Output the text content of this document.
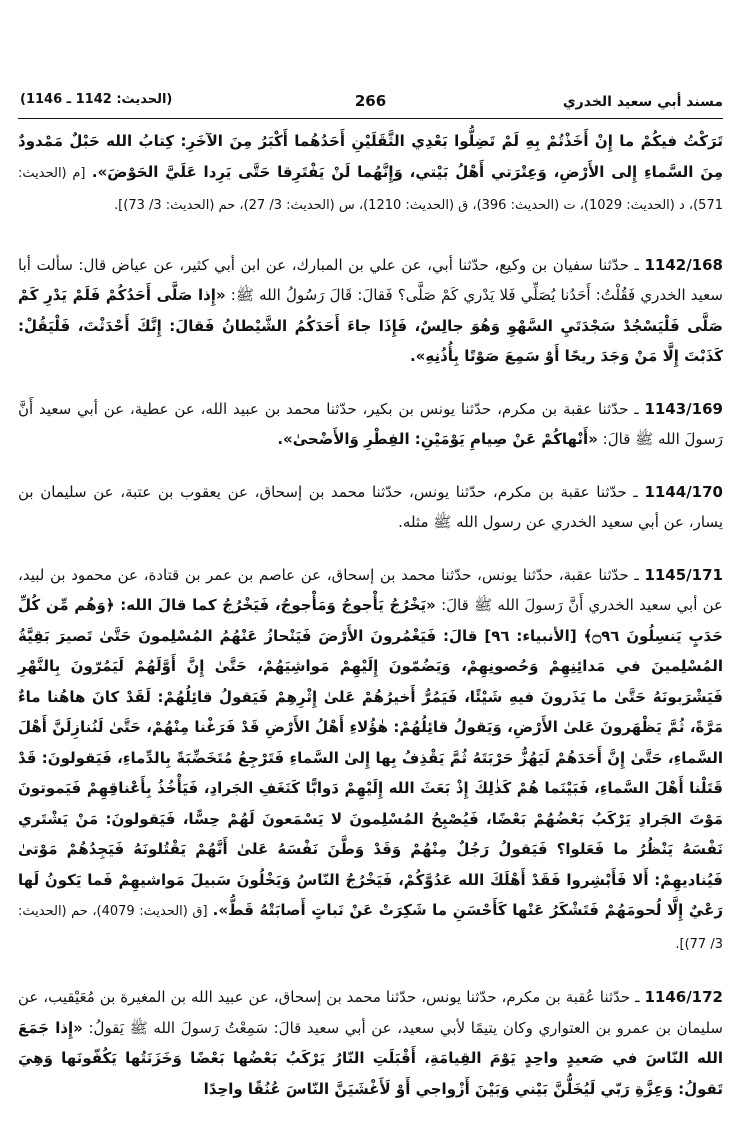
مسند أبي سعيد الخدري
266
(الحديث: 1142 ـ 1146)

تَرَكْتُ فيكُمْ ما إِنْ أَخَذْتُمْ بِهِ لَمْ تَضِلُّوا بَعْدِي الثَّقَلَيْنِ أَحَدُهُما أَكْبَرُ مِنَ الآخَرِ: كِتابُ الله حَبْلٌ مَمْدودٌ مِنَ السَّماءِ إِلى الأَرْضِ، وَعِتْرَتي أَهْلُ بَيْتي، وَإِنَّهُما لَنْ يَفْتَرِقا حَتَّى يَرِدا عَلَيَّ الحَوْضَ». [م (الحديث: 571)، د (الحديث: 1029)، ت (الحديث: 396)، ق (الحديث: 1210)، س (الحديث: 3/ 27)، حم (الحديث: 3/ 73)].

1142/168 ـ حدّثنا سفيان بن وكيع، حدّثنا أبي، عن علي بن المبارك، عن ابن أبي كثير، عن عياض قال: سألت أبا سعيد الخدري فَقُلْتُ: أَحَدُنا يُصَلِّي فَلا يَدْري كَمْ صَلَّى؟ فَقالَ: قَالَ رَسُولُ الله ﷺ: «إِذا صَلَّى أَحَدُكُمْ فَلَمْ يَدْرِ كَمْ صَلَّى فَلْيَسْجُدْ سَجْدَتَيِ السَّهْوِ وَهُوَ جالِسٌ، فَإِذَا جاءَ أَحَدَكُمُ الشَّيْطانُ فَقالَ: إِنَّكَ أَحْدَثْتَ، فَلْيَقُلْ: كَذَبْتَ إِلَّا مَنْ وَجَدَ ريحًا أَوْ سَمِعَ صَوْتًا بِأُذُنِهِ».

1143/169 ـ حدّثنا عقبة بن مكرم، حدّثنا يونس بن بكير، حدّثنا محمد بن عبيد الله، عن عطية، عن أبي سعيد أَنَّ رَسولَ الله ﷺ قالَ: «أَنْهاكُمْ عَنْ صِيامِ يَوْمَيْنِ: الفِطْرِ وَالأَضْحىٰ».

1144/170 ـ حدّثنا عقبة بن مكرم، حدّثنا يونس، حدّثنا محمد بن إسحاق، عن يعقوب بن عتبة، عن سليمان بن يسار، عن أبي سعيد الخدري عن رسول الله ﷺ مثله.

1145/171 ـ حدّثنا عقبة، حدّثنا يونس، حدّثنا محمد بن إسحاق، عن عاصم بن عمر بن قتادة، عن محمود بن لبيد، عن أبي سعيد الخدري أَنَّ رَسولَ الله ﷺ قالَ: «يَخْرُجُ يَأْجوجُ وَمَأْجوجُ، فَيَخْرُجُ كما قالَ الله: ﴿وَهُم مِّن كُلِّ حَدَبٍ يَنسِلُونَ ۝٩٦﴾ [الأنبياء: ٩٦] قالَ: فَيَغْمُرونَ الأَرْضَ فَيَنْحازُ عَنْهُمُ المُسْلِمونَ حَتَّىٰ تَصيرَ بَقِيَّةُ المُسْلِمينَ في مَدائِنِهِمْ وَحُصونِهِمْ، وَيَضُمّونَ إِلَيْهِمْ مَواشِيَهُمْ، حَتَّىٰ إِنَّ أَوَّلَهُمْ لَيَمُرّونَ بِالنَّهْرِ فَيَشْرَبونَهُ حَتَّىٰ ما يَذَرونَ فيهِ شَيْئًا، فَيَمُرُّ أَخيرُهُمْ عَلىٰ إِثْرِهِمْ فَيَقولُ قائِلُهُمْ: لَقَدْ كانَ هاهُنا ماءٌ مَرَّةً، ثُمَّ يَظْهَرونَ عَلىٰ الأَرْضِ، وَيَقولُ قائِلُهُمْ: هٰؤُلاءِ أَهْلُ الأَرْضِ قَدْ فَرَغْنا مِنْهُمْ، حَتَّىٰ لَنُنازِلَنَّ أَهْلَ السَّماءِ، حَتَّىٰ إِنَّ أَحَدَهُمْ لَيَهُزُّ حَرْبَتَهُ ثُمَّ يَقْذِفُ بِها إِلىٰ السَّماءِ فَتَرْجِعُ مُتَخَضِّبَةً بِالدِّماءِ، فَيَقولونَ: قَدْ قَتَلْنا أَهْلَ السَّماءِ، فَبَيْنَما هُمْ كَذٰلِكَ إِذْ بَعَثَ الله إِلَيْهِمْ دَوابًّا كَنَغَفِ الجَرادِ، فَيَأْخُذُ بِأَعْناقِهِمْ فَيَموتونَ مَوْتَ الجَرادِ يَرْكَبُ بَعْضُهُمْ بَعْضًا، فَيُصْبِحُ المُسْلِمونَ لا يَسْمَعونَ لَهُمْ حِسًّا، فَيَقولونَ: مَنْ يَشْتَري نَفْسَهُ يَنْظُرُ ما فَعَلوا؟ فَيَقولُ رَجُلٌ مِنْهُمْ وَقَدْ وَطَّنَ نَفْسَهُ عَلىٰ أَنَّهُمْ يَقْتُلونَهُ فَيَجِدُهُمْ مَوْتىٰ فَيُناديهِمْ: أَلا فَأَبْشِروا فَقَدْ أَهْلَكَ الله عَدُوَّكُمْ، فَيَخْرُجُ النّاسُ وَيَخْلُونَ سَبيلَ مَواشيهِمْ فَما يَكونُ لَها رَعْيٌ إِلَّا لُحومَهُمْ فَتَشْكَرُ عَنْها كَأَحْسَنِ ما شَكِرَتْ عَنْ نَباتٍ أَصابَتْهُ قَطُّ». [ق (الحديث: 4079)، حم (الحديث: 3/ 77)].

1146/172 ـ حدّثنا عُقبة بن مكرم، حدّثنا يونس، حدّثنا محمد بن إسحاق، عن عبيد الله بن المغيرة بن مُعَيْقيب، عن سليمان بن عمرو بن العتواري وكان يتيمًا لأبي سعيد، عن أبي سعيد قالَ: سَمِعْتُ رَسولَ الله ﷺ يَقولُ: «إِذا جَمَعَ الله النّاسَ في صَعيدٍ واحِدٍ يَوْمَ القِيامَةِ، أَقْبَلَتِ النّارُ يَرْكَبُ بَعْضُها بَعْضًا وَخَزَنَتُها يَكُفّونَها وَهِيَ تَقولُ: وَعِزَّةِ رَبّي لَيُخَلُّنَّ بَيْني وَبَيْنَ أَزْواجي أَوْ لَأَغْشَيَنَّ النّاسَ عُنُقًا واحِدًا
